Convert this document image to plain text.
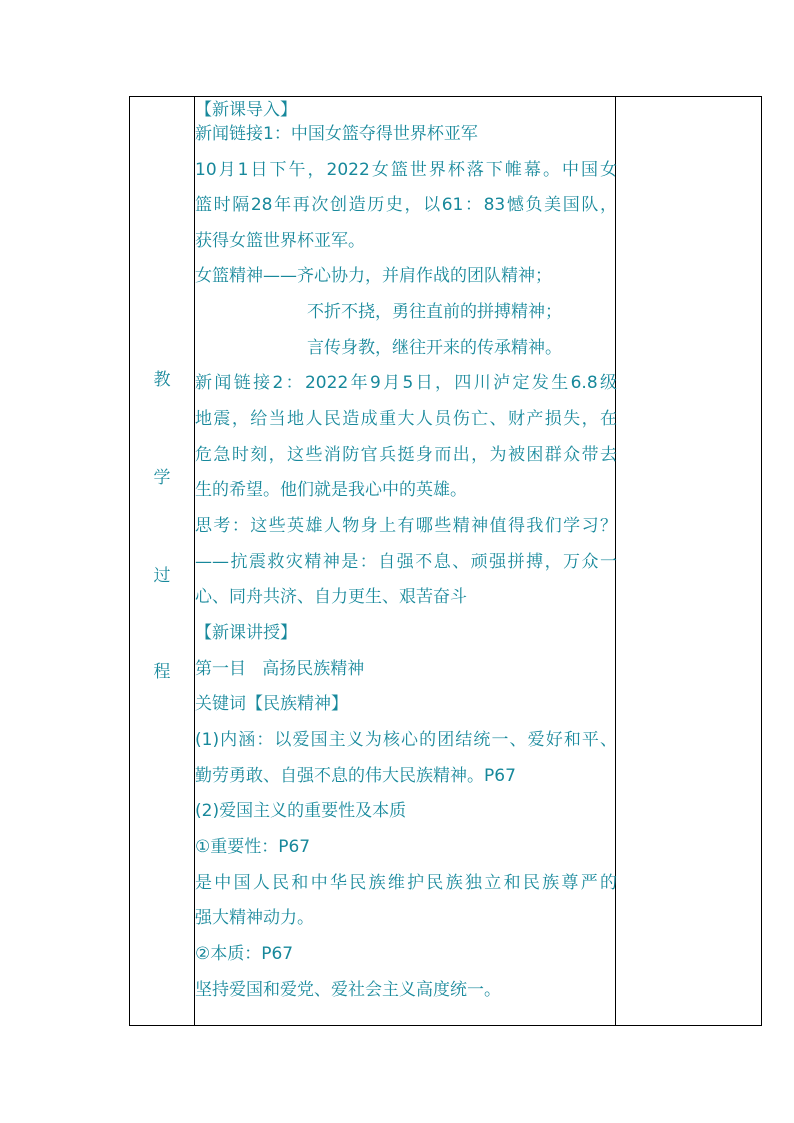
教
学
过
程
【新课导入】
新闻链接1：中国女篮夺得世界杯亚军
10月1日下午，2022女篮世界杯落下帷幕。中国女
篮时隔28年再次创造历史，以61：83憾负美国队，
获得女篮世界杯亚军。
女篮精神——齐心协力，并肩作战的团队精神；
不折不挠，勇往直前的拼搏精神；
言传身教，继往开来的传承精神。
新闻链接2：2022年9月5日，四川泸定发生6.8级
地震，给当地人民造成重大人员伤亡、财产损失，在
危急时刻，这些消防官兵挺身而出，为被困群众带去
生的希望。他们就是我心中的英雄。
思考：这些英雄人物身上有哪些精神值得我们学习？
——抗震救灾精神是：自强不息、顽强拼搏，万众一
心、同舟共济、自力更生、艰苦奋斗
【新课讲授】
第一目   高扬民族精神
关键词【民族精神】
(1)内涵：以爱国主义为核心的团结统一、爱好和平、
勤劳勇敢、自强不息的伟大民族精神。P67
(2)爱国主义的重要性及本质
①重要性：P67
是中国人民和中华民族维护民族独立和民族尊严的
强大精神动力。
②本质：P67
坚持爱国和爱党、爱社会主义高度统一。
